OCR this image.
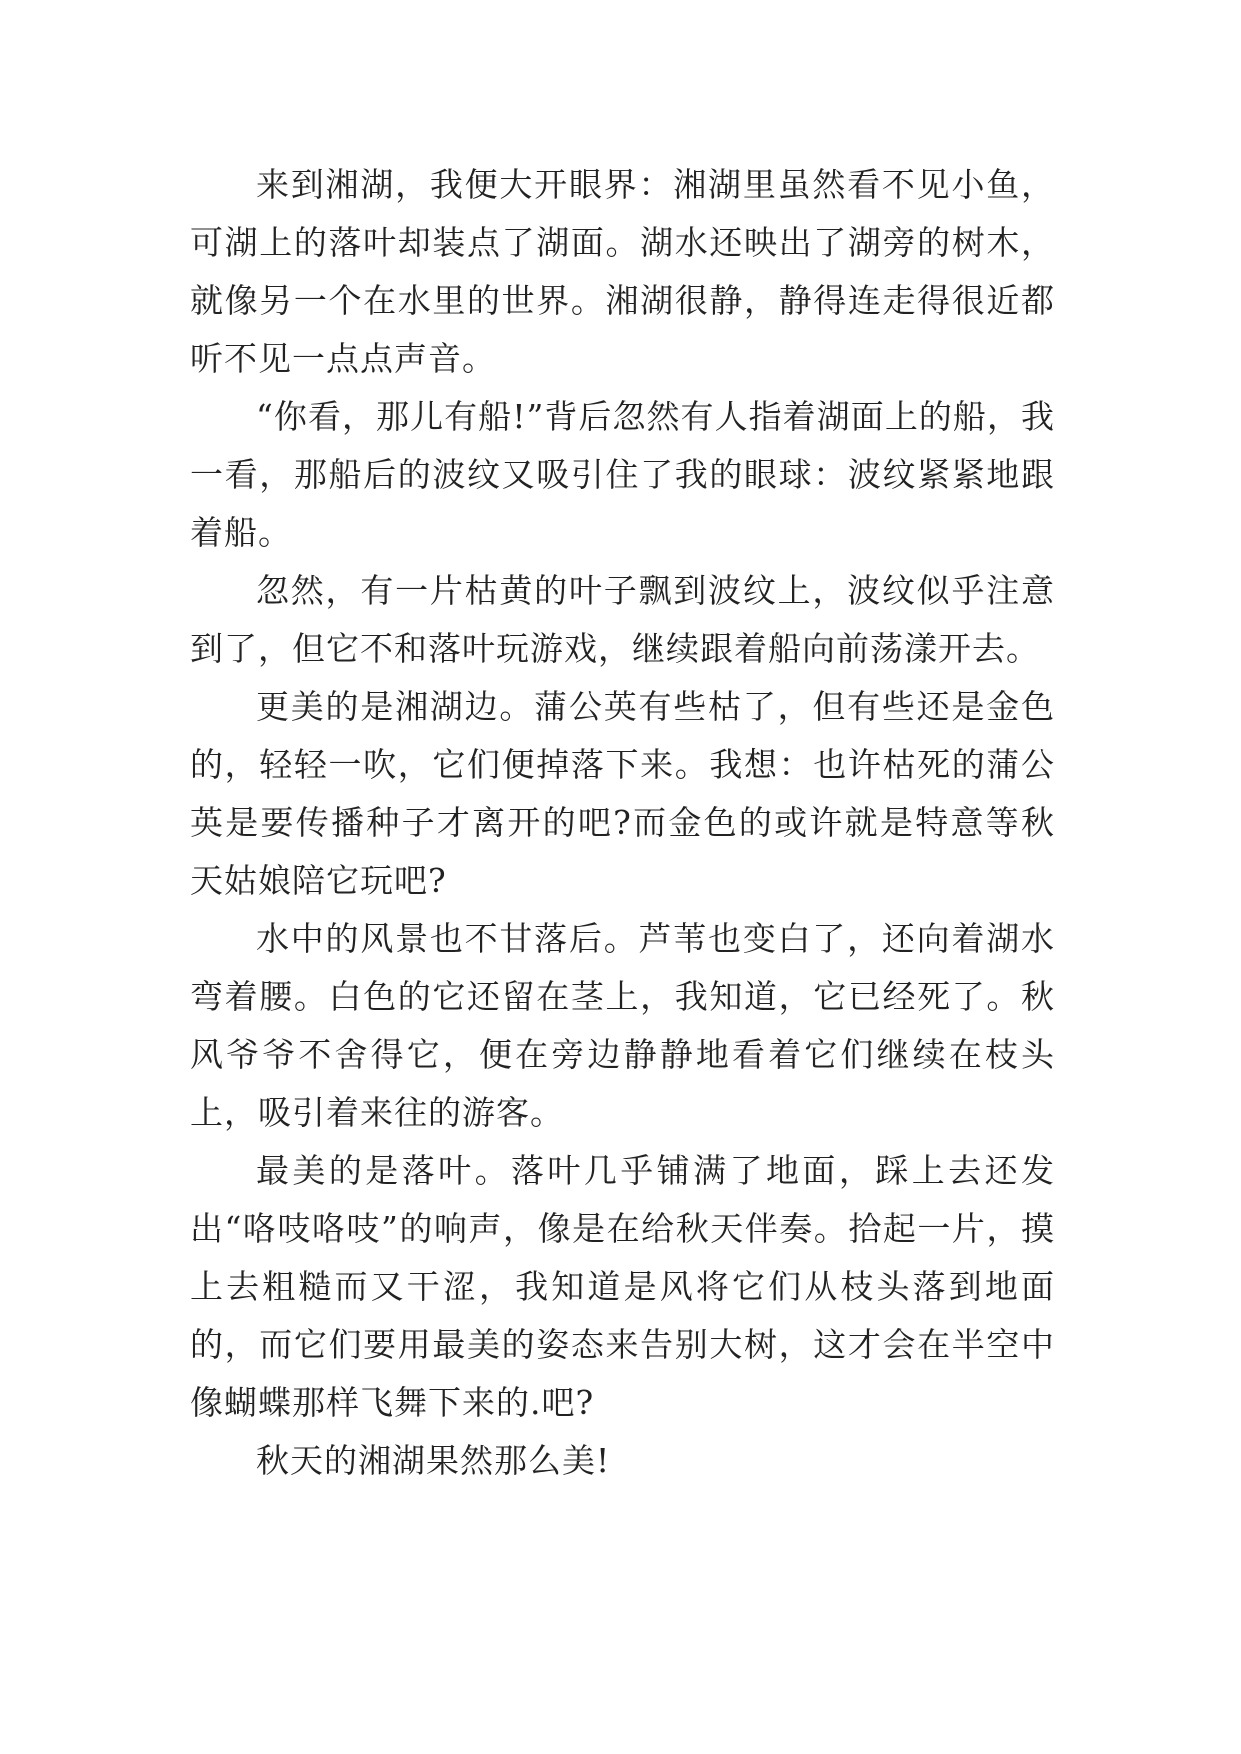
来到湘湖，我便大开眼界：湘湖里虽然看不见小鱼，可湖上的落叶却装点了湖面。湖水还映出了湖旁的树木，就像另一个在水里的世界。湘湖很静，静得连走得很近都听不见一点点声音。

“你看，那儿有船!”背后忽然有人指着湖面上的船，我一看，那船后的波纹又吸引住了我的眼球：波纹紧紧地跟着船。

忽然，有一片枯黄的叶子飘到波纹上，波纹似乎注意到了，但它不和落叶玩游戏，继续跟着船向前荡漾开去。

更美的是湘湖边。蒲公英有些枯了，但有些还是金色的，轻轻一吹，它们便掉落下来。我想：也许枯死的蒲公英是要传播种子才离开的吧?而金色的或许就是特意等秋天姑娘陪它玩吧?

水中的风景也不甘落后。芦苇也变白了，还向着湖水弯着腰。白色的它还留在茎上，我知道，它已经死了。秋风爷爷不舍得它，便在旁边静静地看着它们继续在枝头上，吸引着来往的游客。

最美的是落叶。落叶几乎铺满了地面，踩上去还发出“咯吱咯吱”的响声，像是在给秋天伴奏。拾起一片，摸上去粗糙而又干涩，我知道是风将它们从枝头落到地面的，而它们要用最美的姿态来告别大树，这才会在半空中像蝴蝶那样飞舞下来的.吧?

秋天的湘湖果然那么美!
